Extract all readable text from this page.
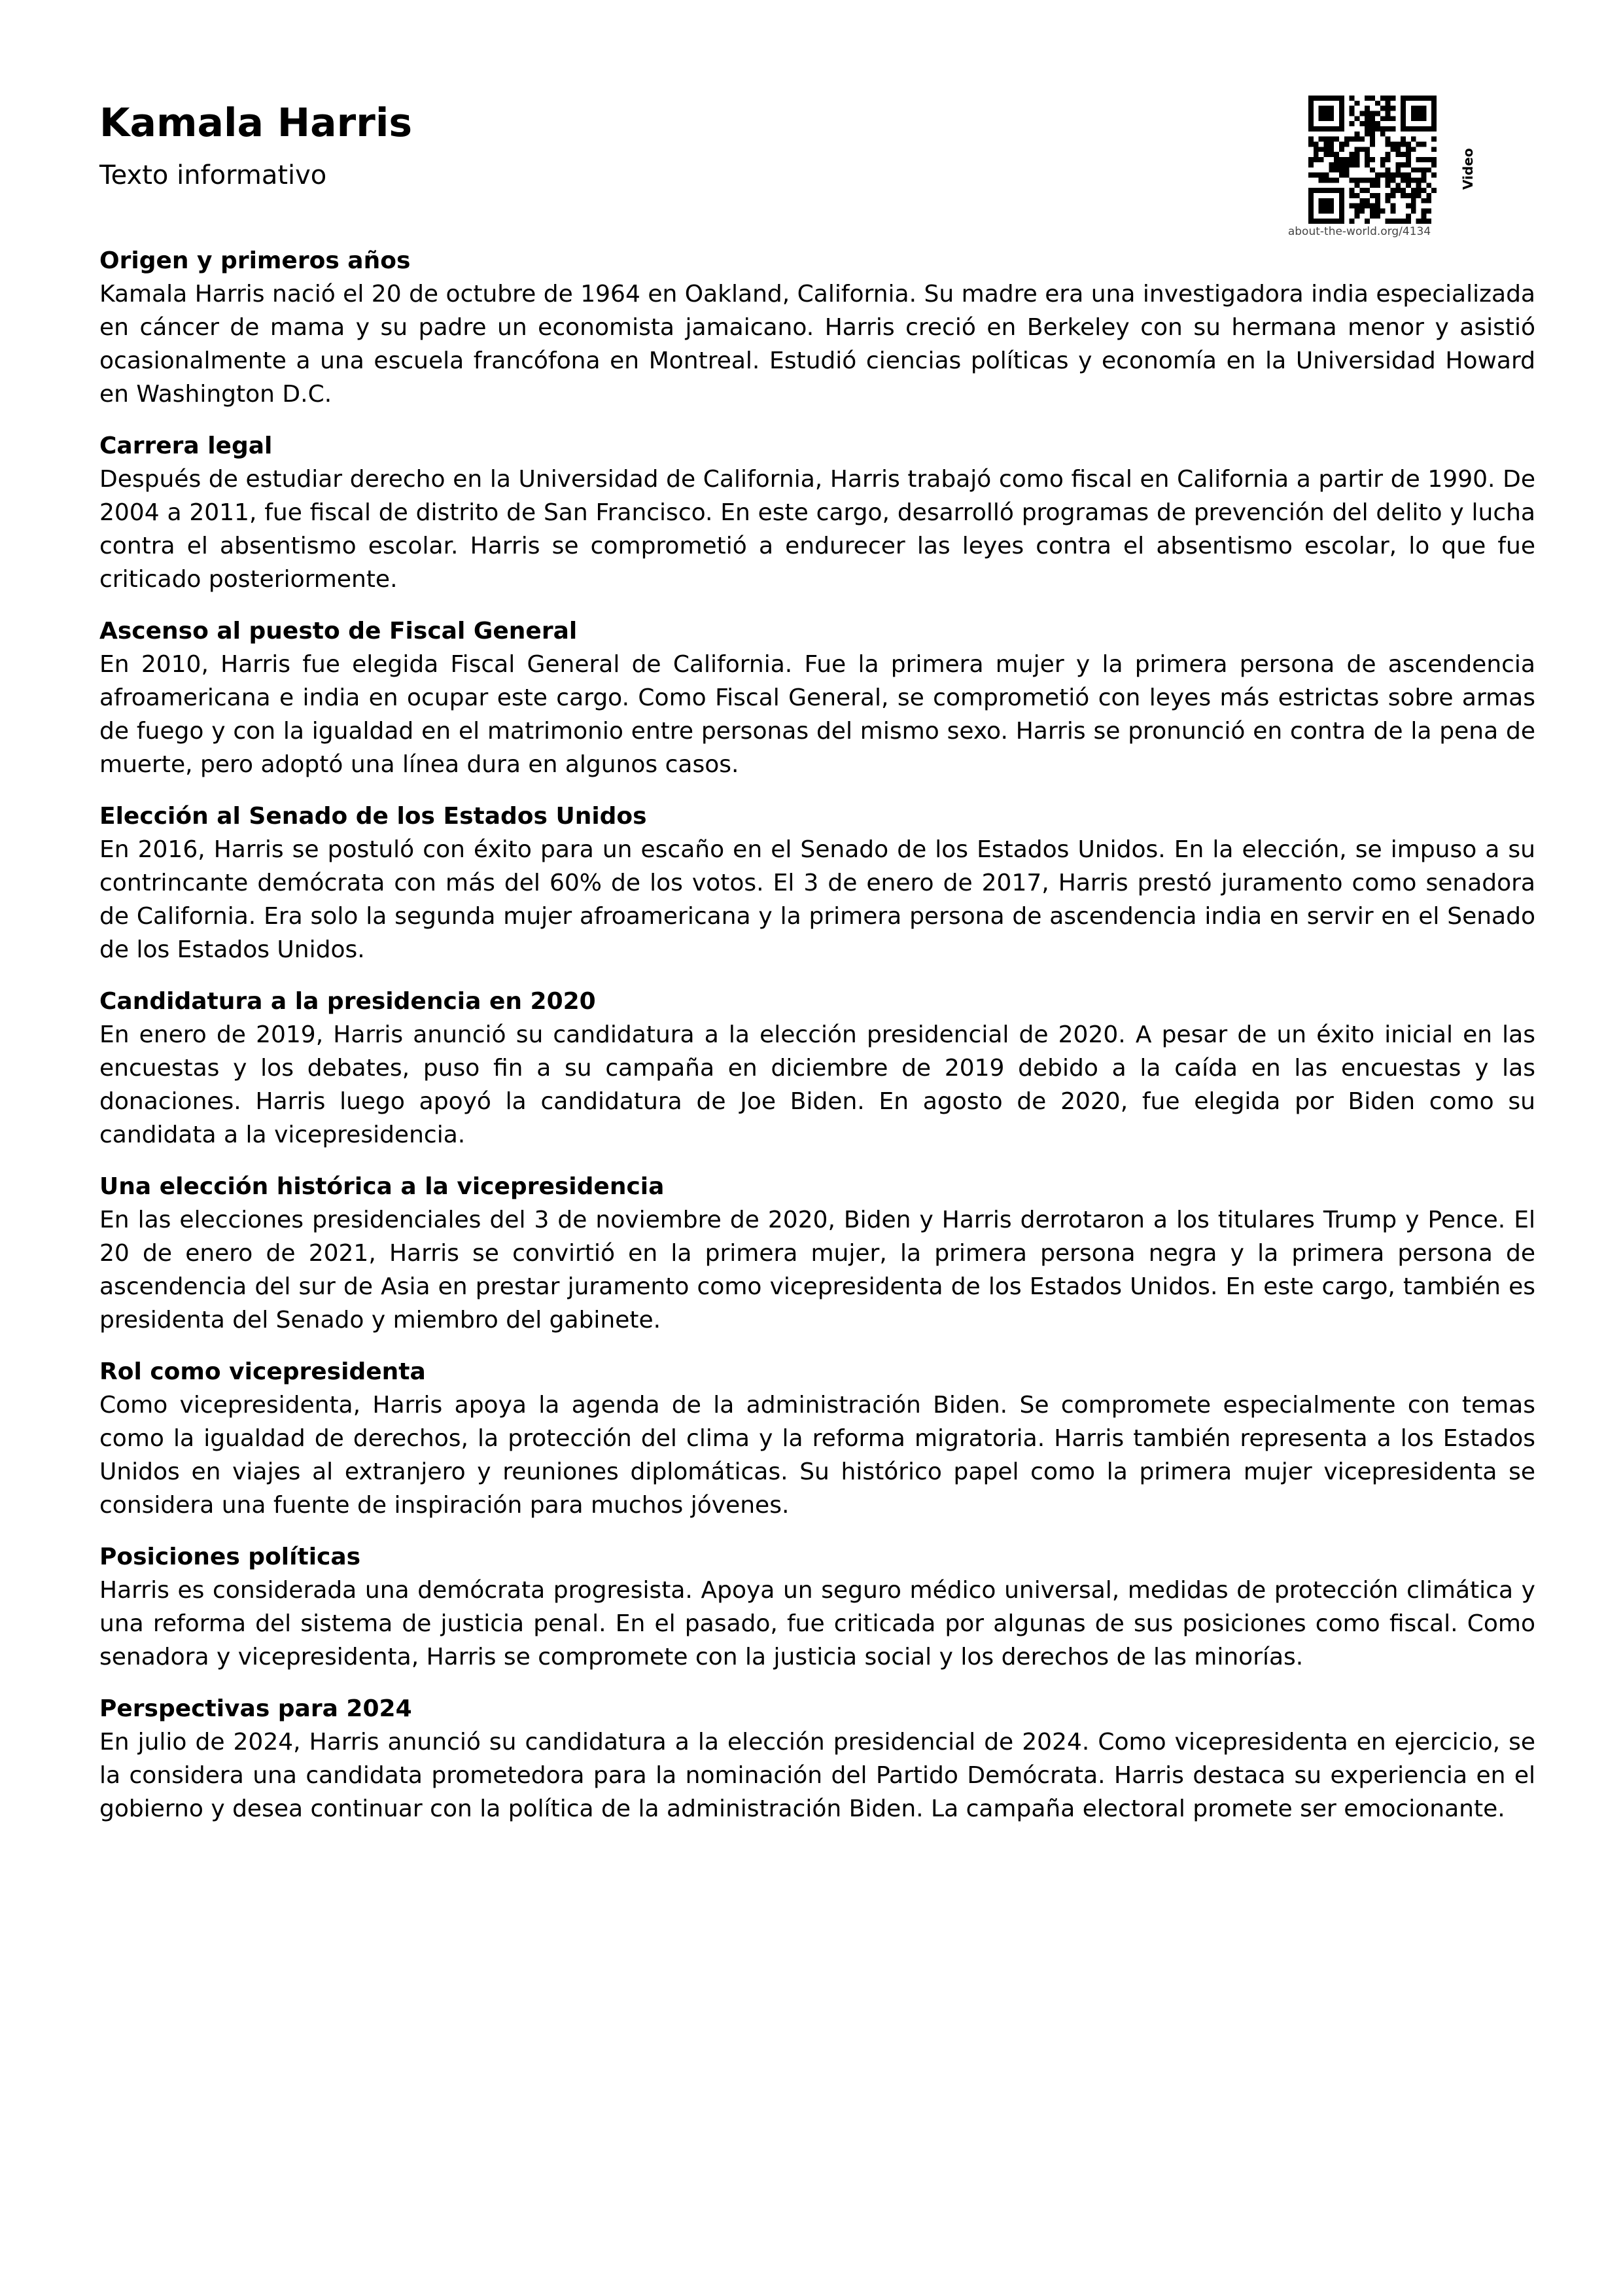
Kamala Harris
Texto informativo
about-the-world.org/4134
Video
Origen y primeros años

Kamala Harris nació el 20 de octubre de 1964 en Oakland, California. Su madre era una investigadora india especializada en cáncer de mama y su padre un economista jamaicano. Harris creció en Berkeley con su hermana menor y asistió ocasionalmente a una escuela francófona en Montreal. Estudió ciencias políticas y economía en la Universidad Howard en Washington D.C.

Carrera legal

Después de estudiar derecho en la Universidad de California, Harris trabajó como fiscal en California a partir de 1990. De 2004 a 2011, fue fiscal de distrito de San Francisco. En este cargo, desarrolló programas de prevención del delito y lucha contra el absentismo escolar. Harris se comprometió a endurecer las leyes contra el absentismo escolar, lo que fue criticado posteriormente.

Ascenso al puesto de Fiscal General

En 2010, Harris fue elegida Fiscal General de California. Fue la primera mujer y la primera persona de ascendencia afroamericana e india en ocupar este cargo. Como Fiscal General, se comprometió con leyes más estrictas sobre armas de fuego y con la igualdad en el matrimonio entre personas del mismo sexo. Harris se pronunció en contra de la pena de muerte, pero adoptó una línea dura en algunos casos.

Elección al Senado de los Estados Unidos

En 2016, Harris se postuló con éxito para un escaño en el Senado de los Estados Unidos. En la elección, se impuso a su contrincante demócrata con más del 60% de los votos. El 3 de enero de 2017, Harris prestó juramento como senadora de California. Era solo la segunda mujer afroamericana y la primera persona de ascendencia india en servir en el Senado de los Estados Unidos.

Candidatura a la presidencia en 2020

En enero de 2019, Harris anunció su candidatura a la elección presidencial de 2020. A pesar de un éxito inicial en las encuestas y los debates, puso fin a su campaña en diciembre de 2019 debido a la caída en las encuestas y las donaciones. Harris luego apoyó la candidatura de Joe Biden. En agosto de 2020, fue elegida por Biden como su candidata a la vicepresidencia.

Una elección histórica a la vicepresidencia

En las elecciones presidenciales del 3 de noviembre de 2020, Biden y Harris derrotaron a los titulares Trump y Pence. El 20 de enero de 2021, Harris se convirtió en la primera mujer, la primera persona negra y la primera persona de ascendencia del sur de Asia en prestar juramento como vicepresidenta de los Estados Unidos. En este cargo, también es presidenta del Senado y miembro del gabinete.

Rol como vicepresidenta

Como vicepresidenta, Harris apoya la agenda de la administración Biden. Se compromete especialmente con temas como la igualdad de derechos, la protección del clima y la reforma migratoria. Harris también representa a los Estados Unidos en viajes al extranjero y reuniones diplomáticas. Su histórico papel como la primera mujer vicepresidenta se considera una fuente de inspiración para muchos jóvenes.

Posiciones políticas

Harris es considerada una demócrata progresista. Apoya un seguro médico universal, medidas de protección climática y una reforma del sistema de justicia penal. En el pasado, fue criticada por algunas de sus posiciones como fiscal. Como senadora y vicepresidenta, Harris se compromete con la justicia social y los derechos de las minorías.

Perspectivas para 2024

En julio de 2024, Harris anunció su candidatura a la elección presidencial de 2024. Como vicepresidenta en ejercicio, se la considera una candidata prometedora para la nominación del Partido Demócrata. Harris destaca su experiencia en el gobierno y desea continuar con la política de la administración Biden. La campaña electoral promete ser emocionante.
